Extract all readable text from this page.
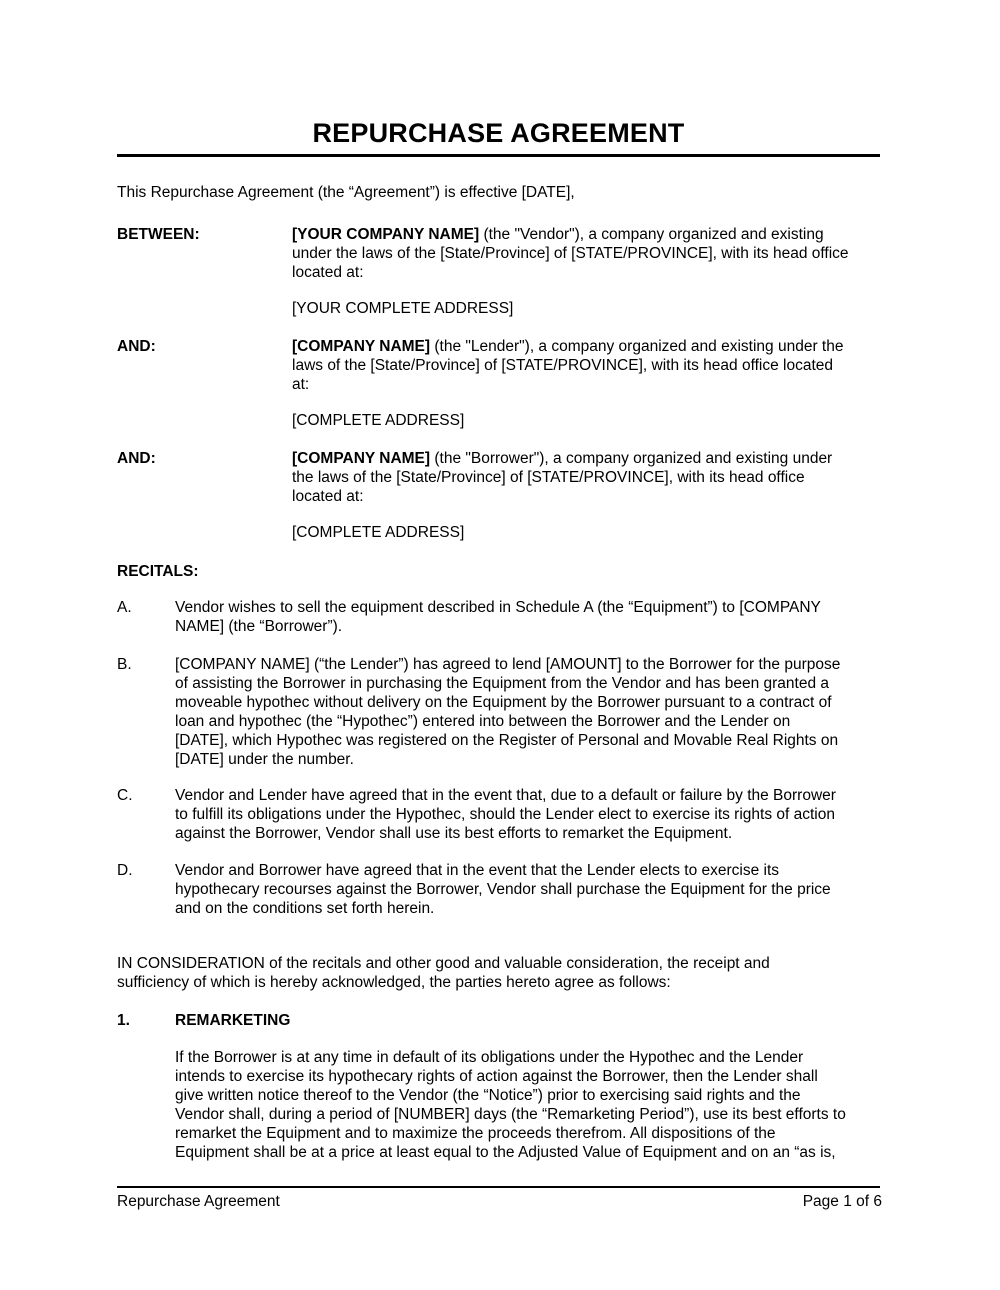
REPURCHASE AGREEMENT
This Repurchase Agreement (the “Agreement”) is effective [DATE],
BETWEEN:	[YOUR COMPANY NAME] (the "Vendor"), a company organized and existing
under the laws of the [State/Province] of [STATE/PROVINCE], with its head office
located at:
[YOUR COMPLETE ADDRESS]
AND:	[COMPANY NAME] (the "Lender"), a company organized and existing under the
laws of the [State/Province] of [STATE/PROVINCE], with its head office located
at:
[COMPLETE ADDRESS]
AND:	[COMPANY NAME] (the "Borrower"), a company organized and existing under
the laws of the [State/Province] of [STATE/PROVINCE], with its head office
located at:
[COMPLETE ADDRESS]
RECITALS:
A.	Vendor wishes to sell the equipment described in Schedule A (the “Equipment”) to [COMPANY
NAME] (the “Borrower”).
B.	[COMPANY NAME] (“the Lender”) has agreed to lend [AMOUNT] to the Borrower for the purpose
of assisting the Borrower in purchasing the Equipment from the Vendor and has been granted a
moveable hypothec without delivery on the Equipment by the Borrower pursuant to a contract of
loan and hypothec (the “Hypothec”) entered into between the Borrower and the Lender on
[DATE], which Hypothec was registered on the Register of Personal and Movable Real Rights on
[DATE] under the number.
C.	Vendor and Lender have agreed that in the event that, due to a default or failure by the Borrower
to fulfill its obligations under the Hypothec, should the Lender elect to exercise its rights of action
against the Borrower, Vendor shall use its best efforts to remarket the Equipment.
D.	Vendor and Borrower have agreed that in the event that the Lender elects to exercise its
hypothecary recourses against the Borrower, Vendor shall purchase the Equipment for the price
and on the conditions set forth herein.
IN CONSIDERATION of the recitals and other good and valuable consideration, the receipt and
sufficiency of which is hereby acknowledged, the parties hereto agree as follows:
1.	REMARKETING
If the Borrower is at any time in default of its obligations under the Hypothec and the Lender
intends to exercise its hypothecary rights of action against the Borrower, then the Lender shall
give written notice thereof to the Vendor (the “Notice”) prior to exercising said rights and the
Vendor shall, during a period of [NUMBER] days (the “Remarketing Period”), use its best efforts to
remarket the Equipment and to maximize the proceeds therefrom. All dispositions of the
Equipment shall be at a price at least equal to the Adjusted Value of Equipment and on an “as is,
Repurchase Agreement	Page 1 of 6
